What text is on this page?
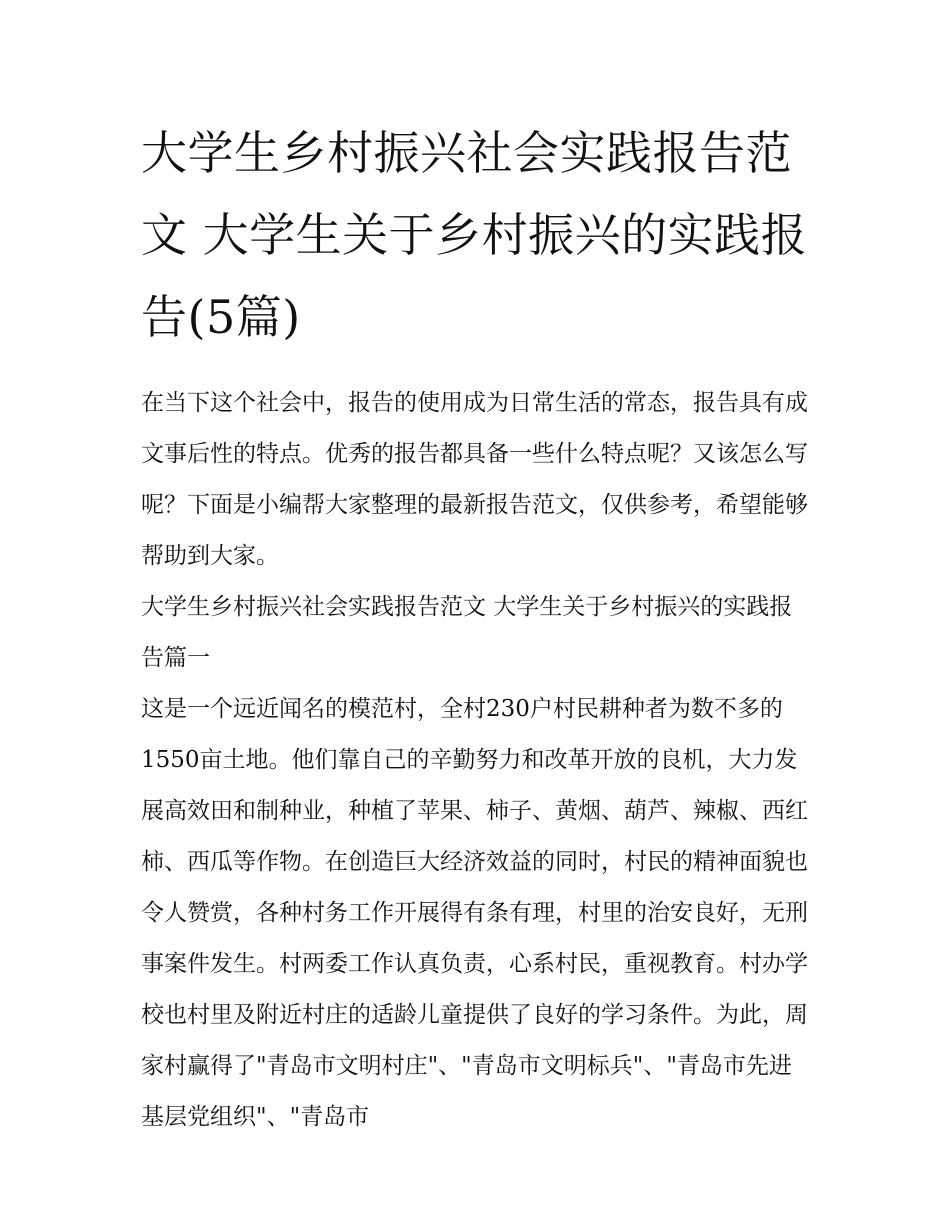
大学生乡村振兴社会实践报告范文 大学生关于乡村振兴的实践报告(5篇)

在当下这个社会中，报告的使用成为日常生活的常态，报告具有成文事后性的特点。优秀的报告都具备一些什么特点呢？又该怎么写呢？下面是小编帮大家整理的最新报告范文，仅供参考，希望能够帮助到大家。

大学生乡村振兴社会实践报告范文 大学生关于乡村振兴的实践报告篇一

这是一个远近闻名的模范村，全村230户村民耕种者为数不多的1550亩土地。他们靠自己的辛勤努力和改革开放的良机，大力发展高效田和制种业，种植了苹果、柿子、黄烟、葫芦、辣椒、西红柿、西瓜等作物。在创造巨大经济效益的同时，村民的精神面貌也令人赞赏，各种村务工作开展得有条有理，村里的治安良好，无刑事案件发生。村两委工作认真负责，心系村民，重视教育。村办学校也村里及附近村庄的适龄儿童提供了良好的学习条件。为此，周家村赢得了"青岛市文明村庄"、"青岛市文明标兵"、"青岛市先进基层党组织"、"青岛市
